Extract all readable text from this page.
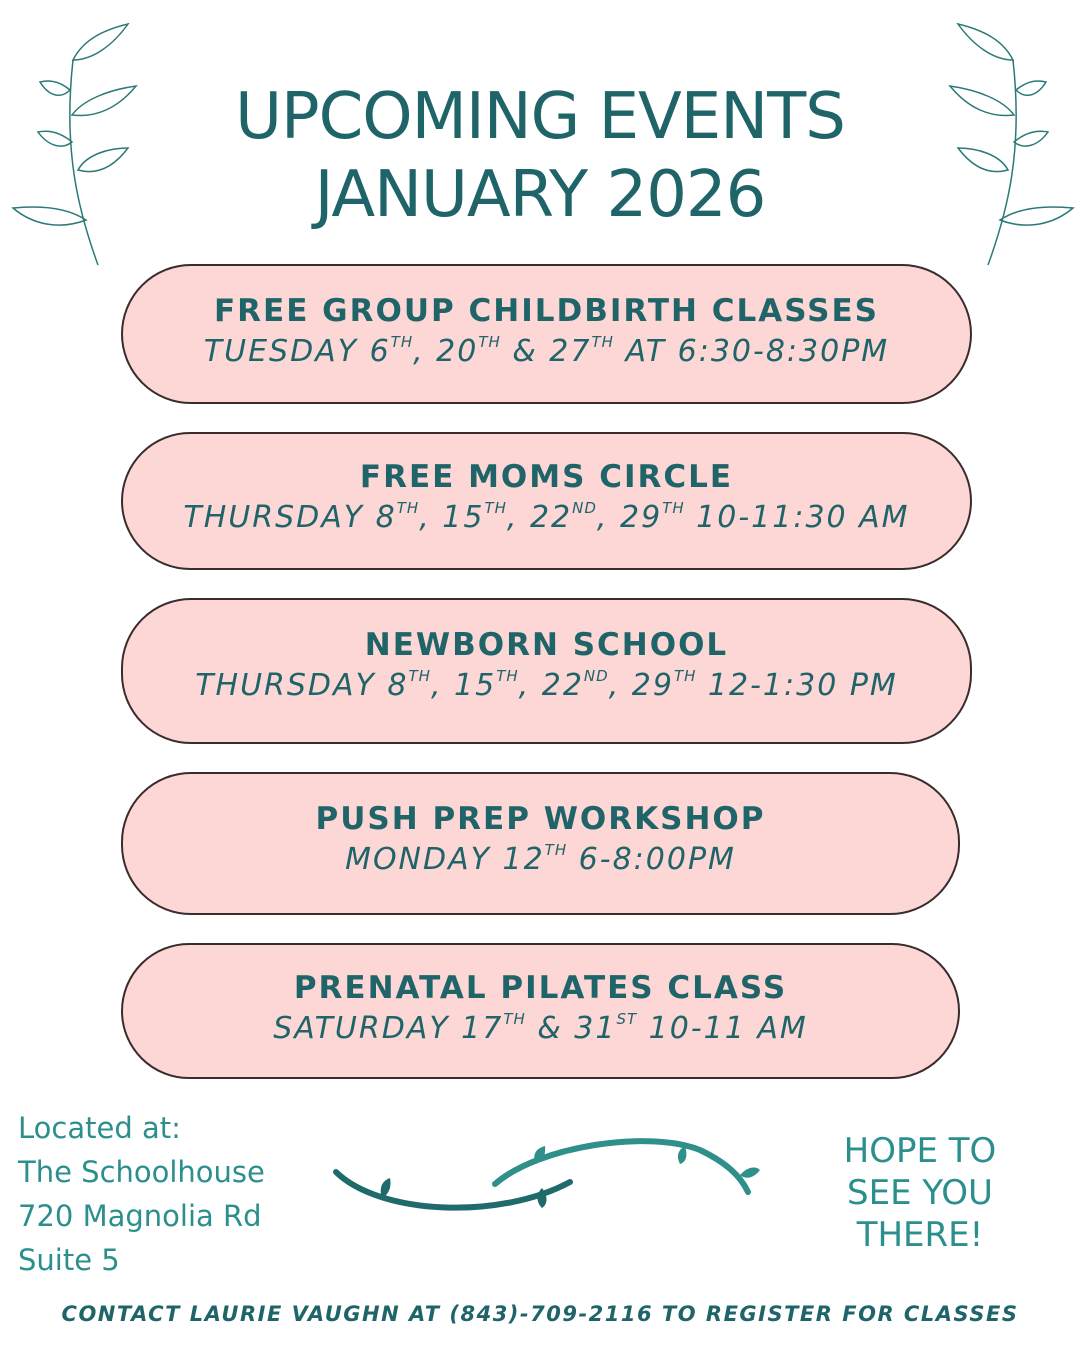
UPCOMING EVENTS
JANUARY 2026
FREE GROUP CHILDBIRTH CLASSES
TUESDAY 6TH, 20TH & 27TH AT 6:30-8:30PM
FREE MOMS CIRCLE
THURSDAY 8TH, 15TH, 22ND, 29TH 10-11:30 AM
NEWBORN SCHOOL
THURSDAY 8TH, 15TH, 22ND, 29TH 12-1:30 PM
PUSH PREP WORKSHOP
MONDAY 12TH 6-8:00PM
PRENATAL PILATES CLASS
SATURDAY 17TH & 31ST 10-11 AM
Located at:
The Schoolhouse
720 Magnolia Rd
Suite 5
HOPE TO
SEE YOU
THERE!
CONTACT LAURIE VAUGHN AT (843)-709-2116 TO REGISTER FOR CLASSES
